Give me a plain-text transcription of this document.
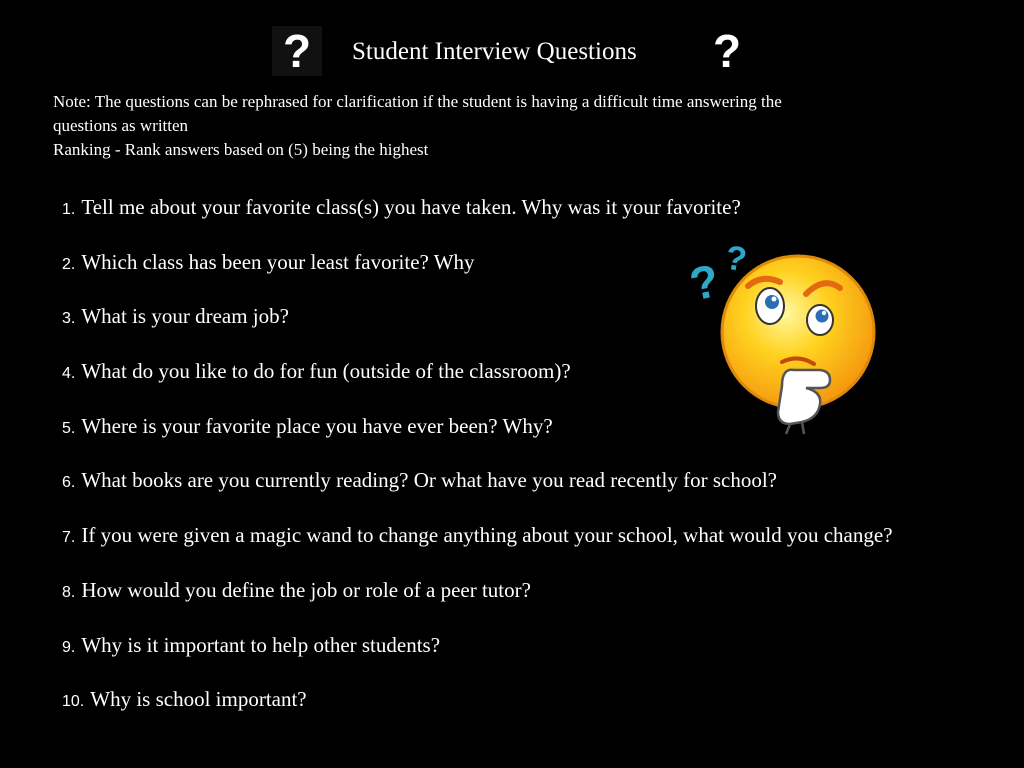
?	Student Interview Questions ?
Note: The questions can be rephrased for clarification if the student is having a difficult time answering the
questions as written
Ranking - Rank answers based on (5) being the highest
1. Tell me about your favorite class(s) you have taken. Why was it your favorite?
2. Which class has been your least favorite? Why
3. What is your dream job?
4. What do you like to do for fun (outside of the classroom)?
5. Where is your favorite place you have ever been? Why?
6. What books are you currently reading? Or what have you read recently for school?
7. If you were given a magic wand to change anything about your school, what would you change?
8. How would you define the job or role of a peer tutor?
9. Why is it important to help other students?
10. Why is school important?
?
?
